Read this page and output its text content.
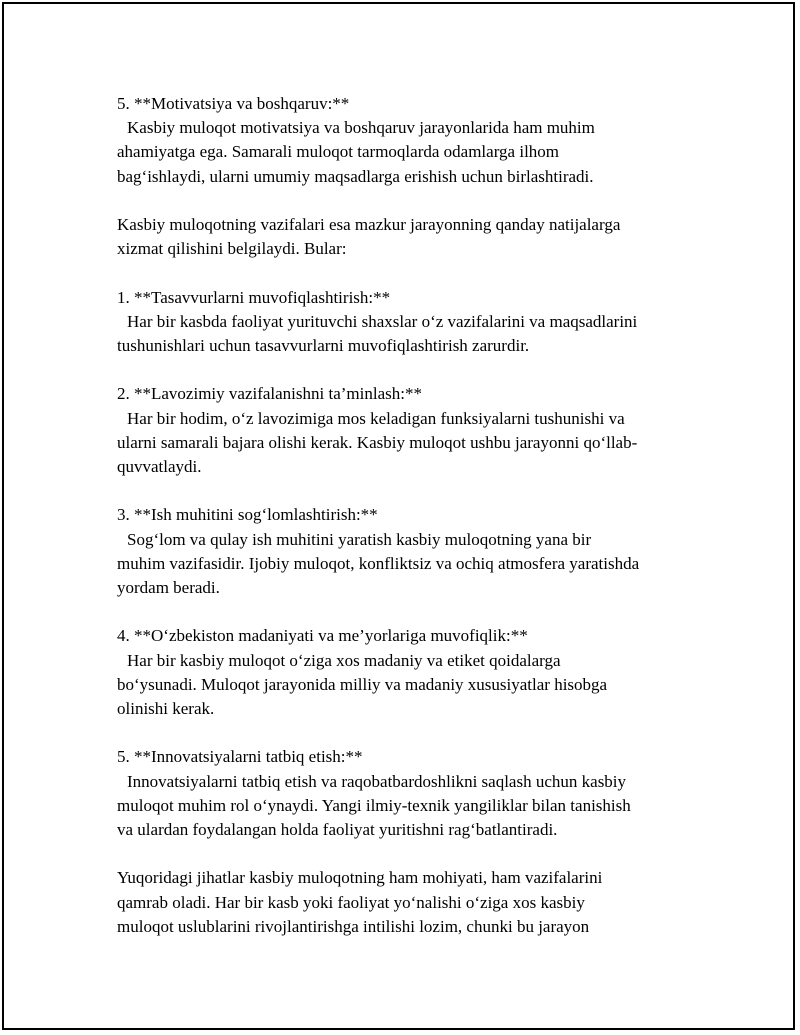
5. **Motivatsiya va boshqaruv:**
Kasbiy muloqot motivatsiya va boshqaruv jarayonlarida ham muhim
ahamiyatga ega. Samarali muloqot tarmoqlarda odamlarga ilhom
bag‘ishlaydi, ularni umumiy maqsadlarga erishish uchun birlashtiradi.
Kasbiy muloqotning vazifalari esa mazkur jarayonning qanday natijalarga
xizmat qilishini belgilaydi. Bular:
1. **Tasavvurlarni muvofiqlashtirish:**
Har bir kasbda faoliyat yurituvchi shaxslar o‘z vazifalarini va maqsadlarini
tushunishlari uchun tasavvurlarni muvofiqlashtirish zarurdir.
2. **Lavozimiy vazifalanishni ta’minlash:**
Har bir hodim, o‘z lavozimiga mos keladigan funksiyalarni tushunishi va
ularni samarali bajara olishi kerak. Kasbiy muloqot ushbu jarayonni qo‘llab-
quvvatlaydi.
3. **Ish muhitini sog‘lomlashtirish:**
Sog‘lom va qulay ish muhitini yaratish kasbiy muloqotning yana bir
muhim vazifasidir. Ijobiy muloqot, konfliktsiz va ochiq atmosfera yaratishda
yordam beradi.
4. **O‘zbekiston madaniyati va me’yorlariga muvofiqlik:**
Har bir kasbiy muloqot o‘ziga xos madaniy va etiket qoidalarga
bo‘ysunadi. Muloqot jarayonida milliy va madaniy xususiyatlar hisobga
olinishi kerak.
5. **Innovatsiyalarni tatbiq etish:**
Innovatsiyalarni tatbiq etish va raqobatbardoshlikni saqlash uchun kasbiy
muloqot muhim rol o‘ynaydi. Yangi ilmiy-texnik yangiliklar bilan tanishish
va ulardan foydalangan holda faoliyat yuritishni rag‘batlantiradi.
Yuqoridagi jihatlar kasbiy muloqotning ham mohiyati, ham vazifalarini
qamrab oladi. Har bir kasb yoki faoliyat yo‘nalishi o‘ziga xos kasbiy
muloqot uslublarini rivojlantirishga intilishi lozim, chunki bu jarayon
